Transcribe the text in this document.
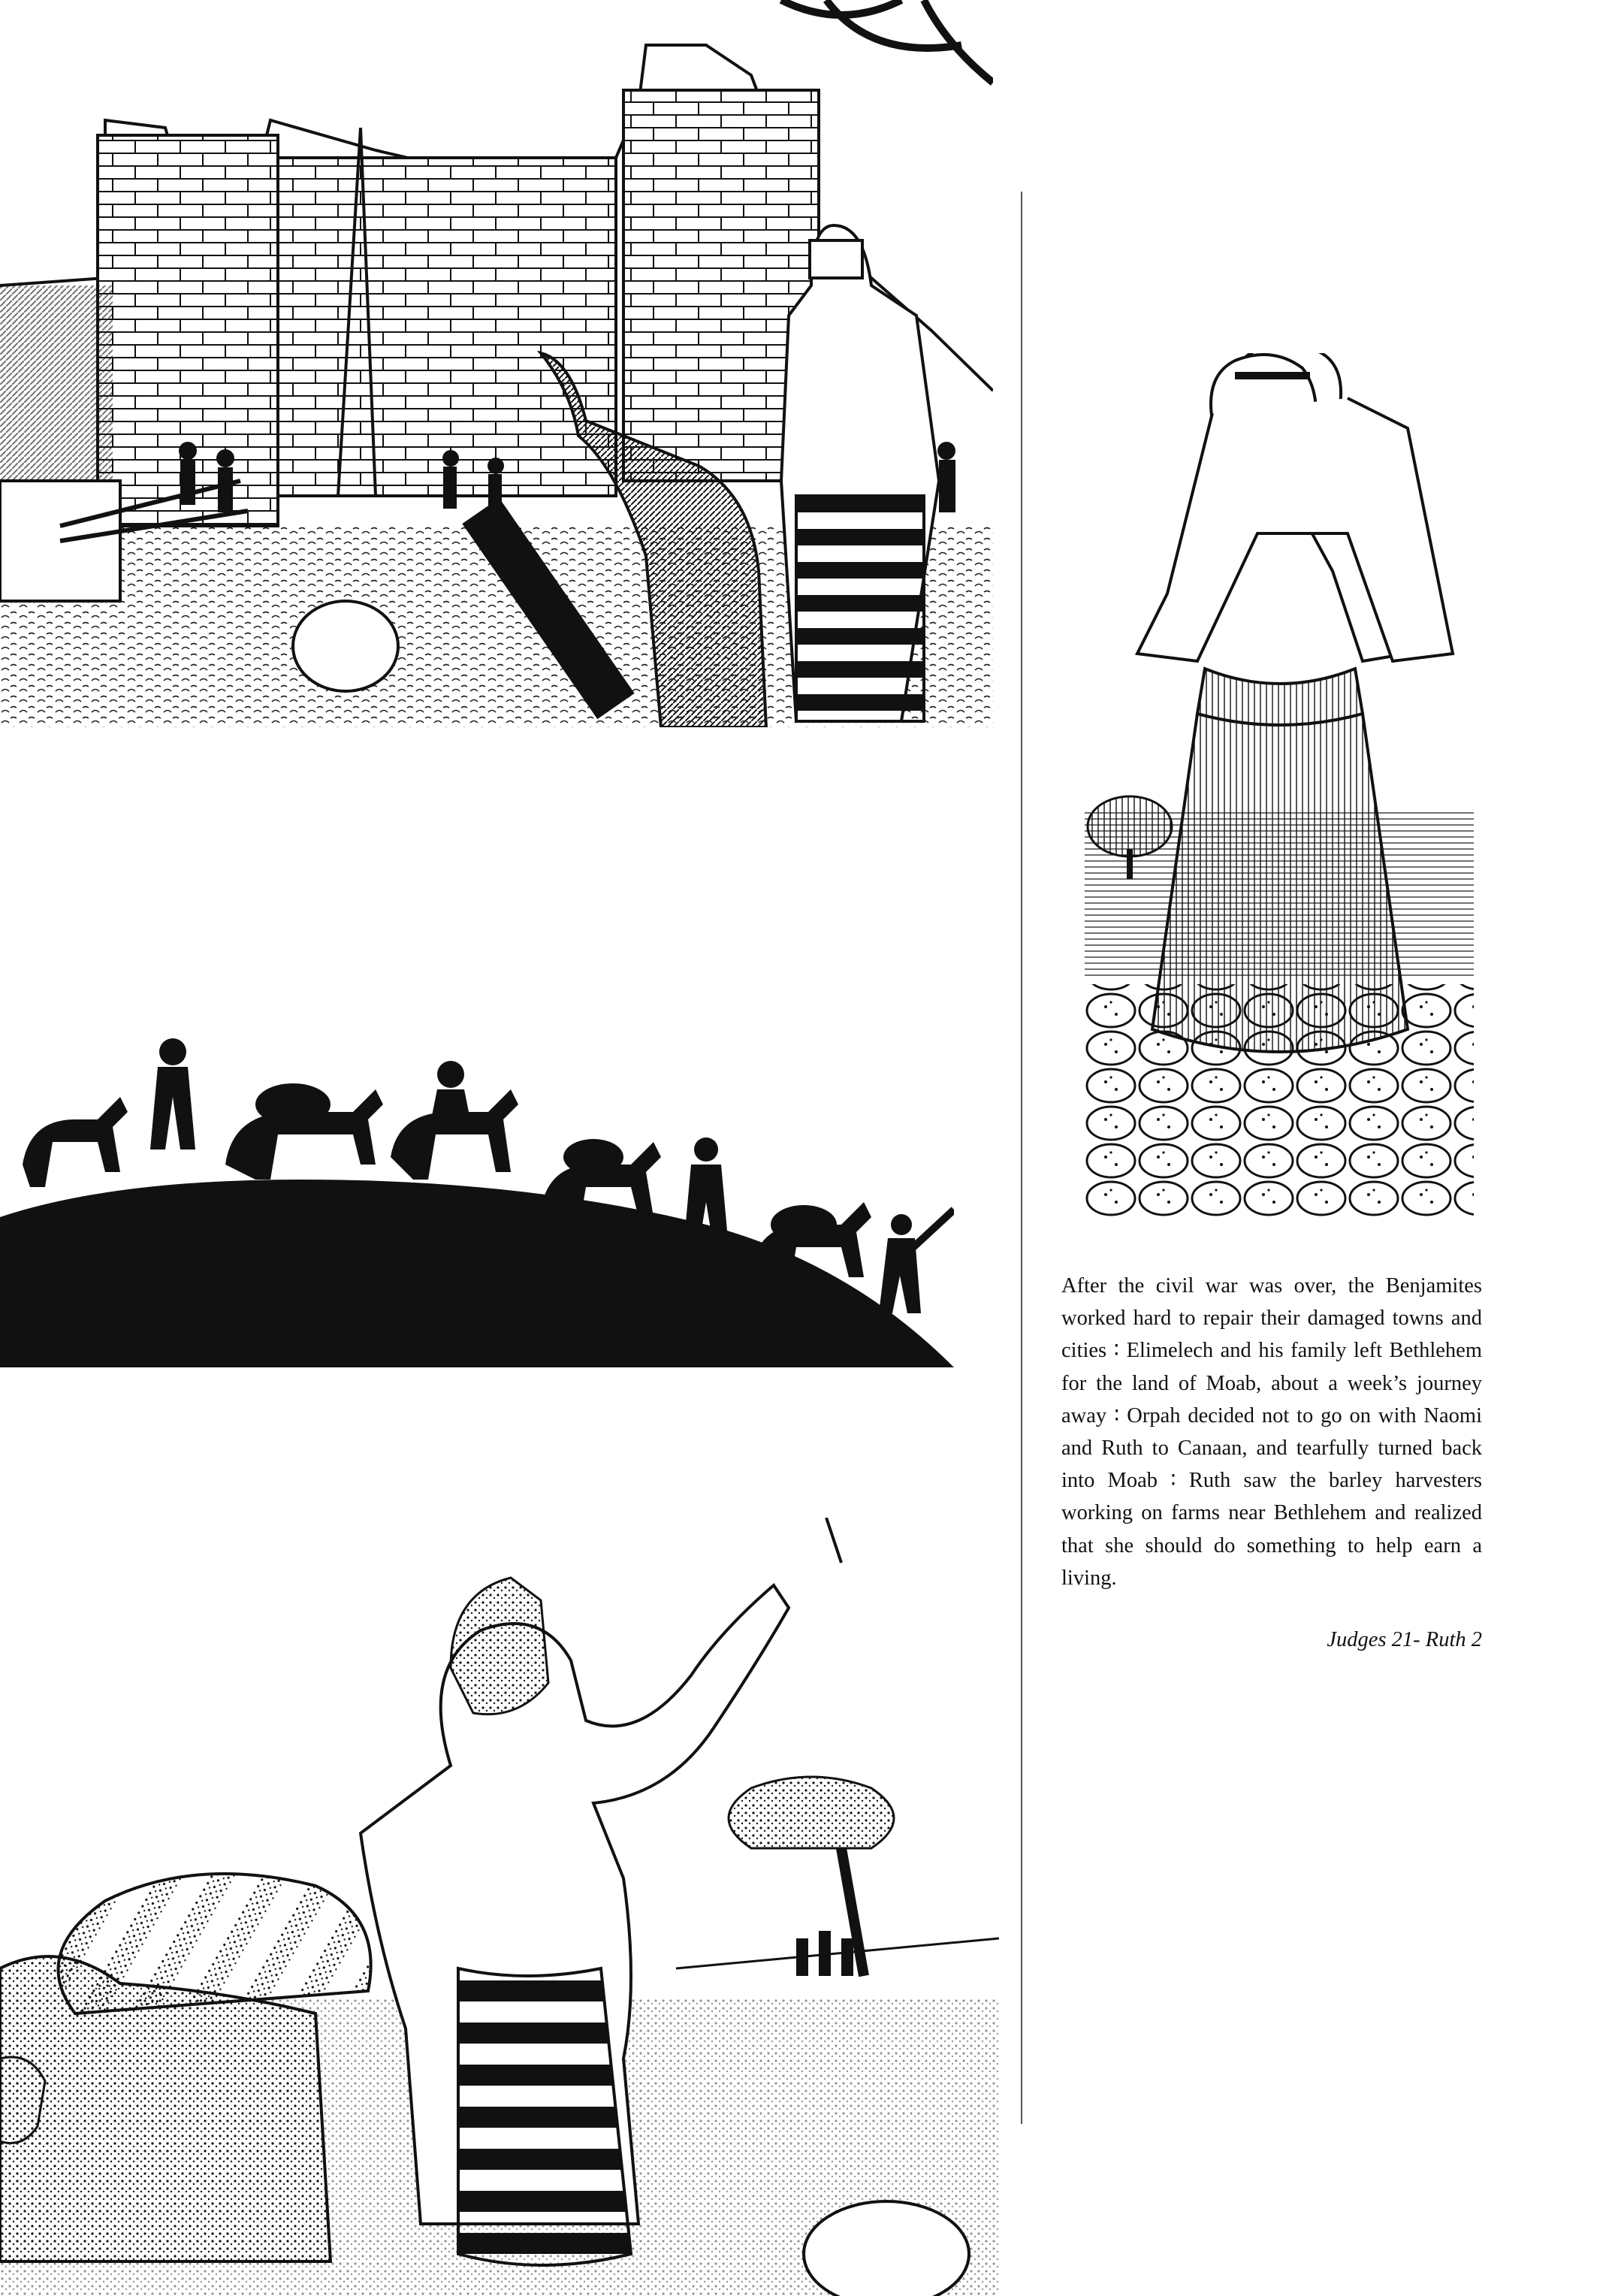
After the civil war was over, the Benjamites worked hard to repair their damaged towns and cities ∶ Elimelech and his family left Bethlehem for the land of Moab, about a week’s journey away ∶ Orpah decided not to go on with Naomi and Ruth to Canaan, and tearfully turned back into Moab ∶ Ruth saw the barley harvesters working on farms near Bethlehem and realized that she should do something to help earn a living.

Judges 21- Ruth 2
